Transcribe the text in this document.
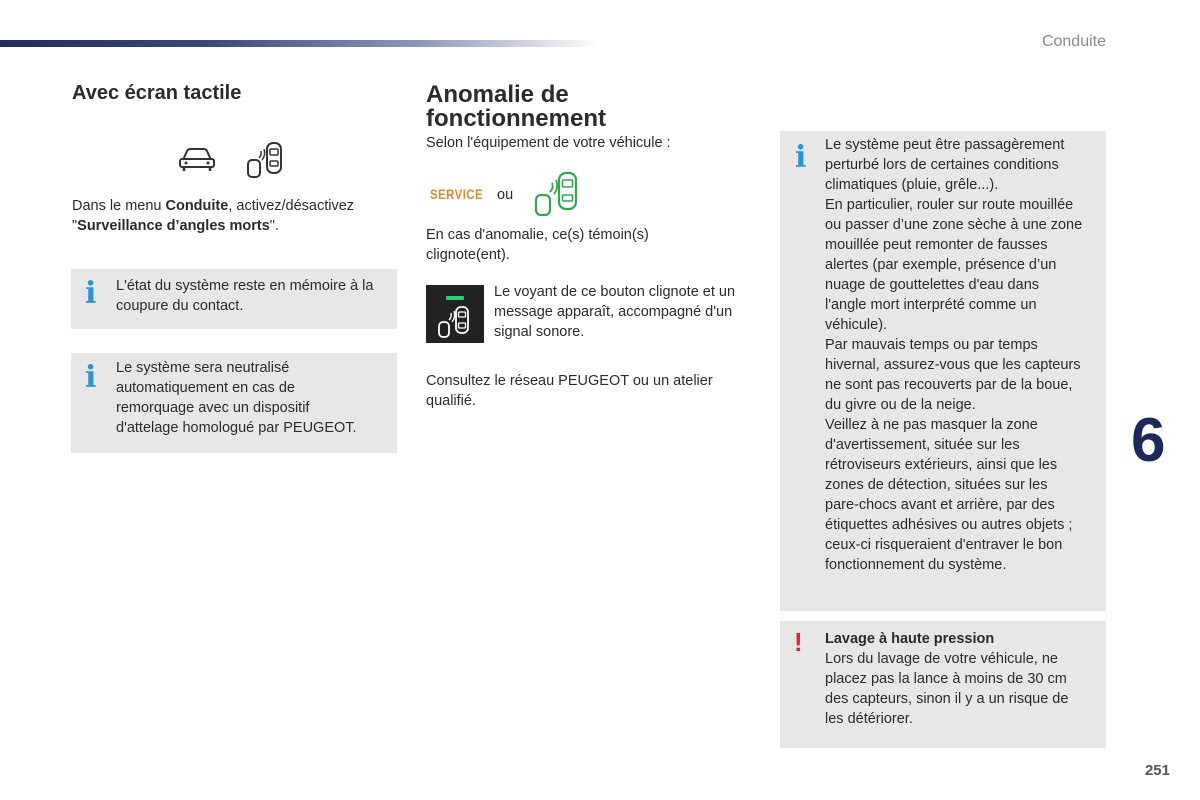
Conduite
6
251
Avec écran tactile
Dans le menu Conduite, activez/désactivez
"Surveillance d’angles morts".
i L'état du système reste en mémoire à la
coupure du contact.
i Le système sera neutralisé
automatiquement en cas de
remorquage avec un dispositif
d'attelage homologué par PEUGEOT.
Anomalie de
fonctionnement
Selon l'équipement de votre véhicule :
SERVICE ou
En cas d'anomalie, ce(s) témoin(s)
clignote(ent).
Le voyant de ce bouton clignote et un
message apparaît, accompagné d'un
signal sonore.
Consultez le réseau PEUGEOT ou un atelier
qualifié.
i Le système peut être passagèrement
perturbé lors de certaines conditions
climatiques (pluie, grêle...).
En particulier, rouler sur route mouillée
ou passer d’une zone sèche à une zone
mouillée peut remonter de fausses
alertes (par exemple, présence d’un
nuage de gouttelettes d'eau dans
l'angle mort interprété comme un
véhicule).
Par mauvais temps ou par temps
hivernal, assurez-vous que les capteurs
ne sont pas recouverts par de la boue,
du givre ou de la neige.
Veillez à ne pas masquer la zone
d'avertissement, située sur les
rétroviseurs extérieurs, ainsi que les
zones de détection, situées sur les
pare-chocs avant et arrière, par des
étiquettes adhésives ou autres objets ;
ceux-ci risqueraient d'entraver le bon
fonctionnement du système.
! Lavage à haute pression
Lors du lavage de votre véhicule, ne
placez pas la lance à moins de 30 cm
des capteurs, sinon il y a un risque de
les détériorer.
